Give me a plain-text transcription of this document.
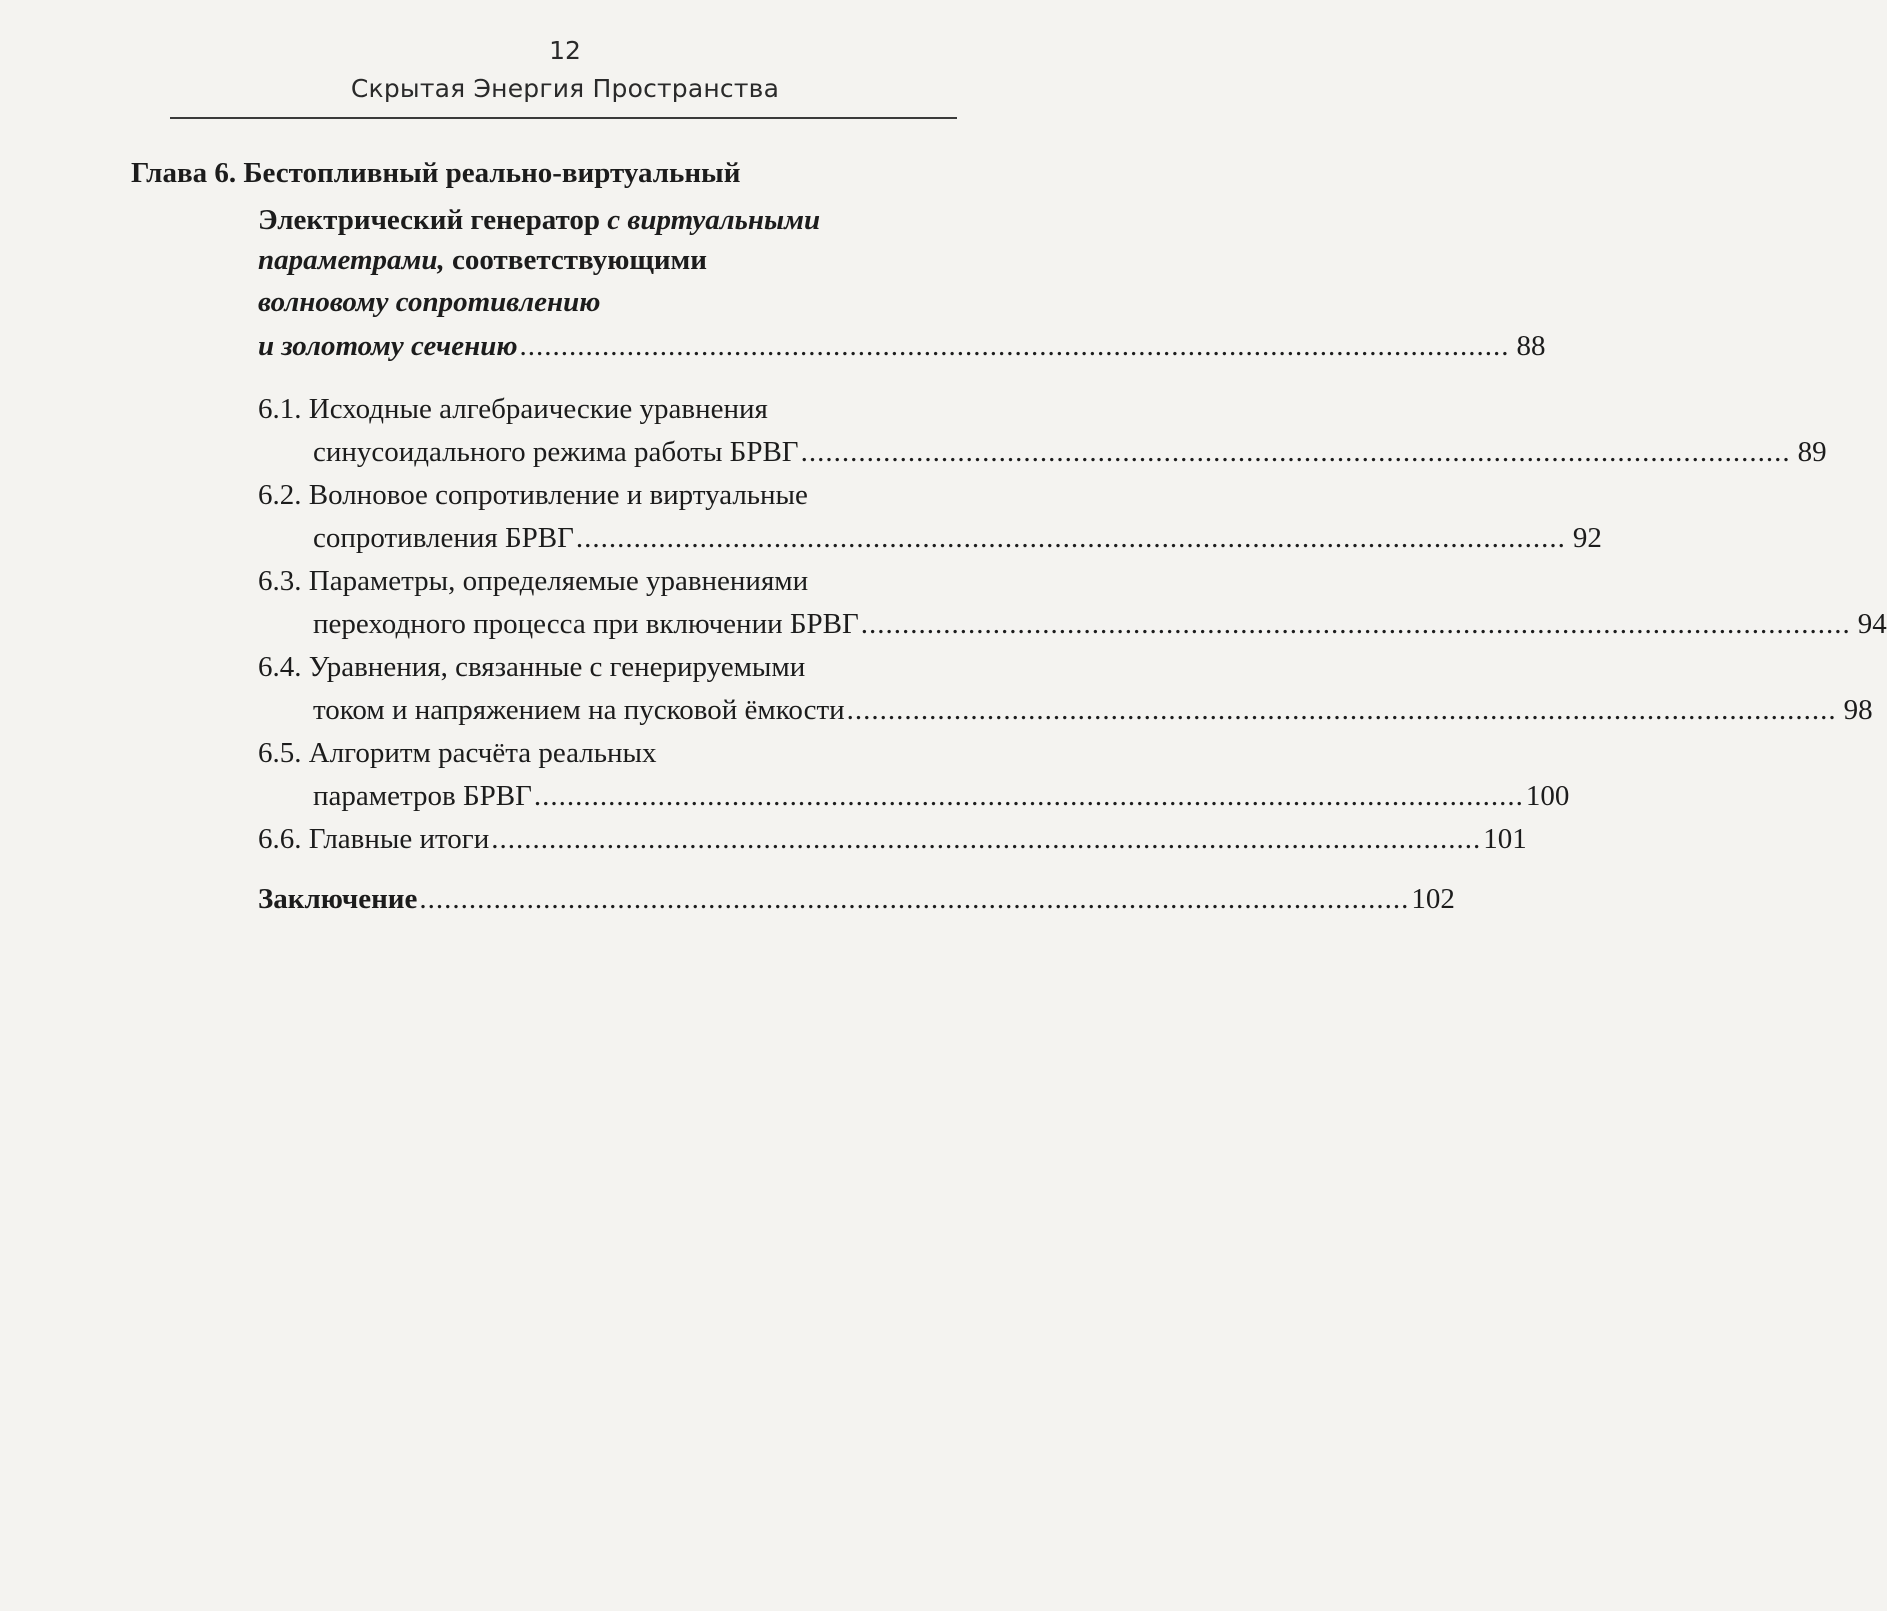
12
Скрытая Энергия Пространства
Глава 6. Бестопливный реально-виртуальный
Электрический генератор с виртуальными
параметрами, соответствующими
волновому сопротивлению
и золотому сечению ........................................................................................................................ 88
6.1. Исходные алгебраические уравнения
синусоидального режима работы БРВГ ........................................................................................................................ 89
6.2. Волновое сопротивление и виртуальные
сопротивления БРВГ ........................................................................................................................ 92
6.3. Параметры, определяемые уравнениями
переходного процесса при включении БРВГ ........................................................................................................................ 94
6.4. Уравнения, связанные с генерируемыми
током и напряжением на пусковой ёмкости ........................................................................................................................ 98
6.5. Алгоритм расчёта реальных
параметров БРВГ ........................................................................................................................ 100
6.6. Главные итоги ........................................................................................................................ 101
Заключение ........................................................................................................................ 102
